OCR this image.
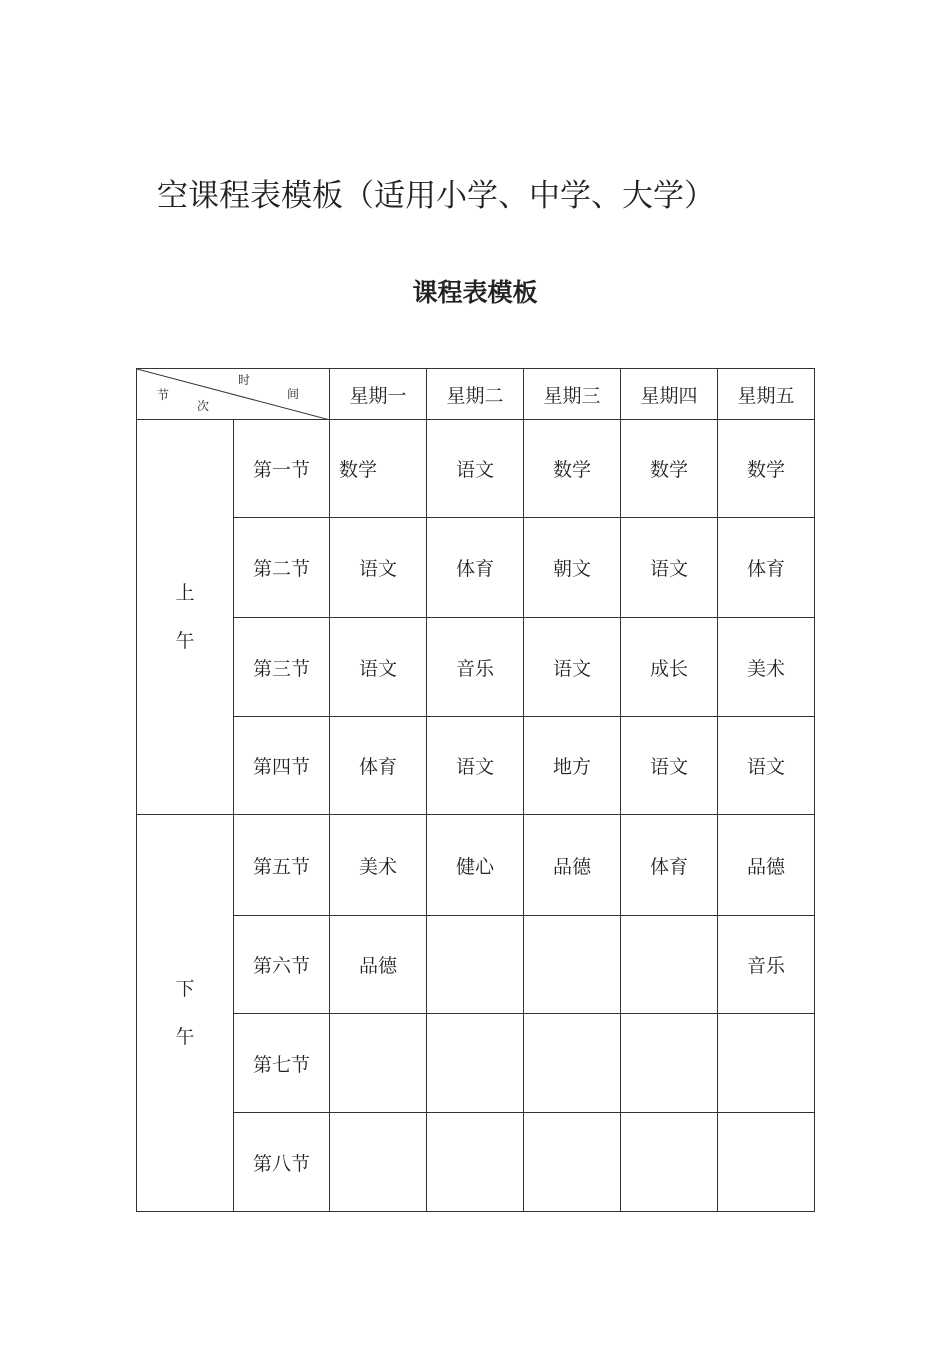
空课程表模板（适用小学、中学、大学）
课程表模板
时
间
节
次		星期一	星期二	星期三	星期四	星期五

上
午	第一节	数学	语文	数学	数学	数学
	第二节	语文	体育	朝文	语文	体育
	第三节	语文	音乐	语文	成长	美术
	第四节	体育	语文	地方	语文	语文

下
午	第五节	美术	健心	品德	体育	品德
	第六节	品德				音乐
	第七节					
	第八节					
